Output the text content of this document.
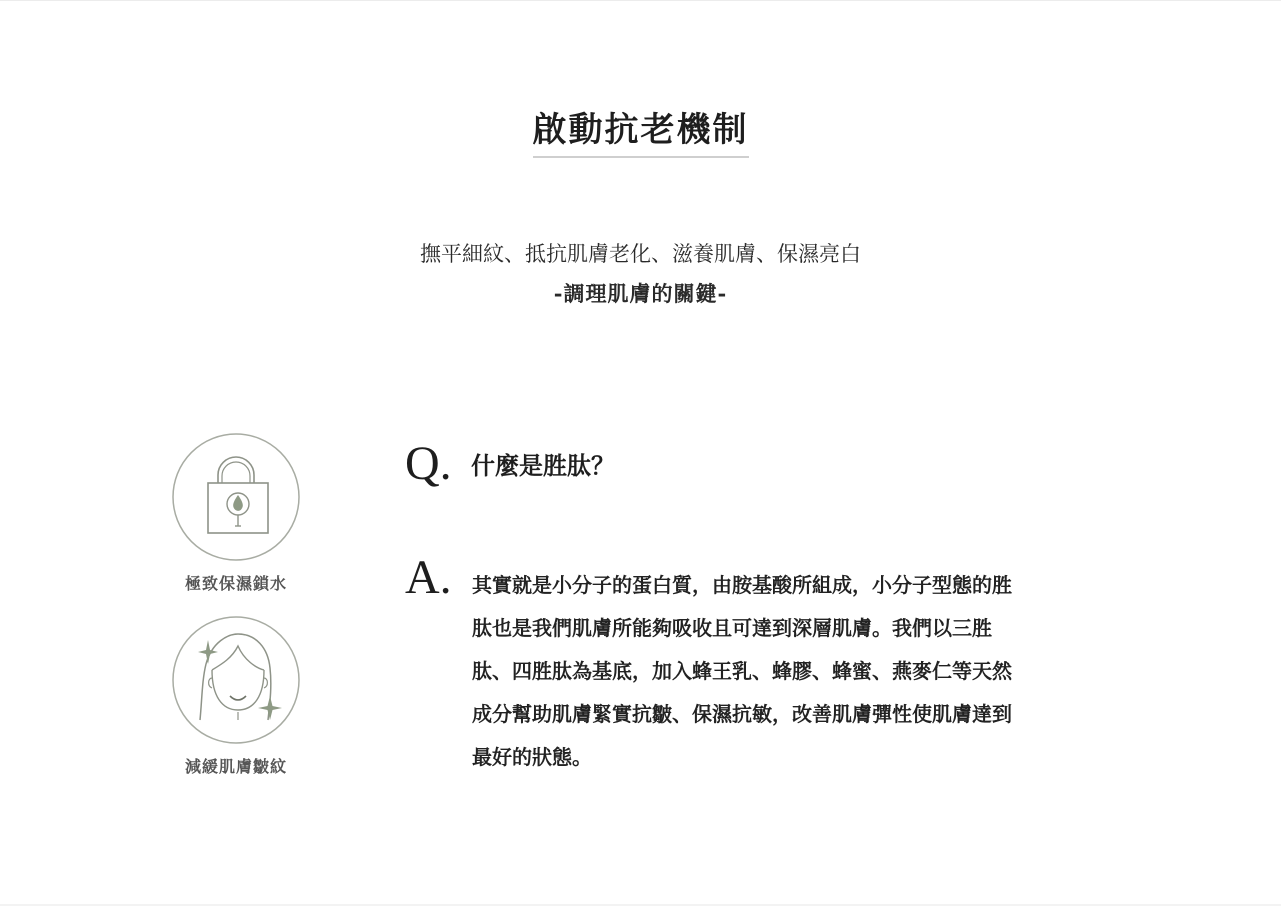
啟動抗老機制
撫平細紋、抵抗肌膚老化、滋養肌膚、保濕亮白
-調理肌膚的關鍵-
極致保濕鎖水
減緩肌膚皺紋
Q. 什麼是胜肽？
A. 其實就是小分子的蛋白質，由胺基酸所組成，小分子型態的胜肽也是我們肌膚所能夠吸收且可達到深層肌膚。我們以三胜肽、四胜肽為基底，加入蜂王乳、蜂膠、蜂蜜、燕麥仁等天然成分幫助肌膚緊實抗皺、保濕抗敏，改善肌膚彈性使肌膚達到最好的狀態。
